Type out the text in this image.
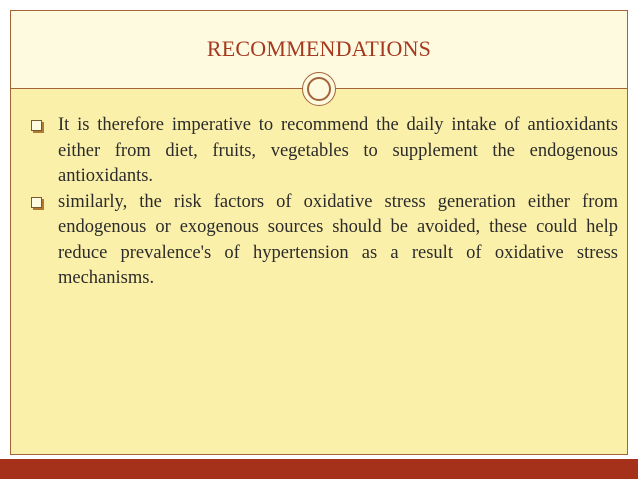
RECOMMENDATIONS
It is therefore imperative to recommend the daily intake of antioxidants either from diet, fruits, vegetables to supplement the endogenous antioxidants.
similarly, the risk factors of oxidative stress generation either from endogenous or exogenous sources should be avoided, these could help reduce prevalence's of hypertension as a result of oxidative stress mechanisms.
